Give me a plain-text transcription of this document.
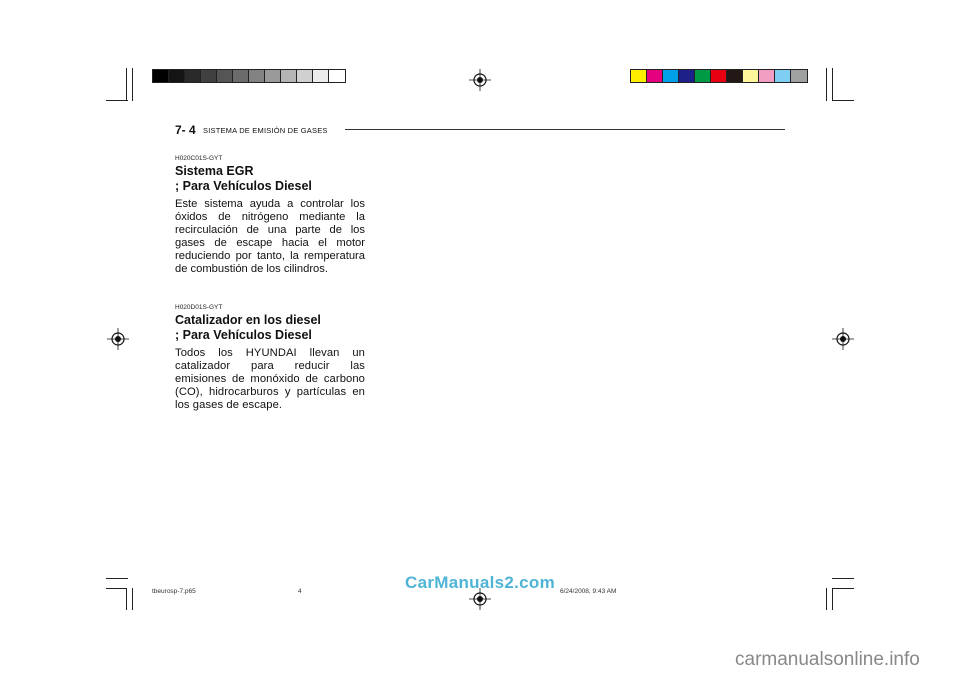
7- 4 SISTEMA DE EMISIÓN DE GASES
H020C01S-GYT
Sistema EGR
; Para Vehículos Diesel
Este sistema ayuda a controlar los óxidos de nitrógeno mediante la recirculación de una parte de los gases de escape hacia el motor reduciendo por tanto, la remperatura de combustión de los cilindros.
H020D01S-GYT
Catalizador en los diesel
; Para Vehículos Diesel
Todos los HYUNDAI llevan un catalizador para reducir las emisiones de monóxido de carbono (CO), hidrocarburos y partículas en los gases de escape.
tbeurosp-7.p65	4	6/24/2008, 9:43 AM
CarManuals2.com
carmanualsonline.info
